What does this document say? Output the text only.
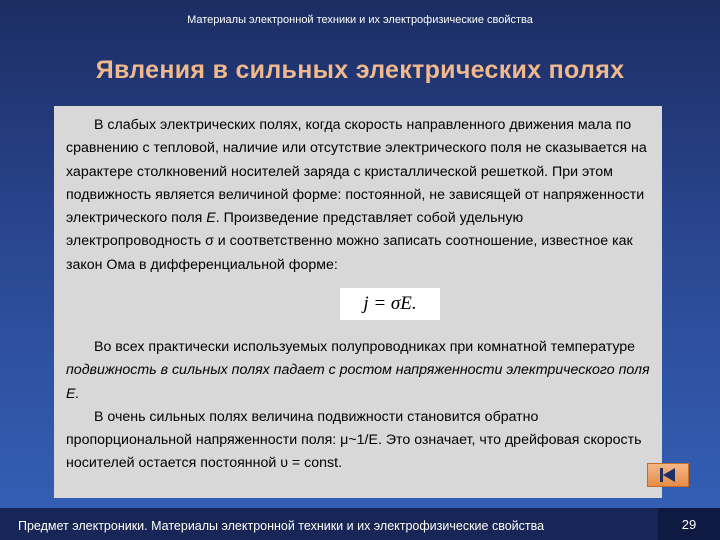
Материалы электронной техники и их электрофизические свойства
Явления в сильных электрических полях

В слабых электрических полях, когда скорость направленного движения мала по сравнению с тепловой, наличие или отсутствие электрического поля не сказывается на характере столкновений носителей заряда с кристаллической решеткой. При этом подвижность является величиной форме: постоянной, не зависящей от напряженности электрического поля E. Произведение представляет собой удельную электропроводность σ и соответственно можно записать соотношение, известное как закон Ома в дифференциальной форме:

j = σE.

Во всех практически используемых полупроводниках при комнатной температуре подвижность в сильных полях падает с ростом напряженности электрического поля E.
В очень сильных полях величина подвижности становится обратно пропорциональной напряженности поля: μ~1/E. Это означает, что дрейфовая скорость носителей остается постоянной υ = const.

Предмет электроники. Материалы электронной техники и их электрофизические свойства	29
